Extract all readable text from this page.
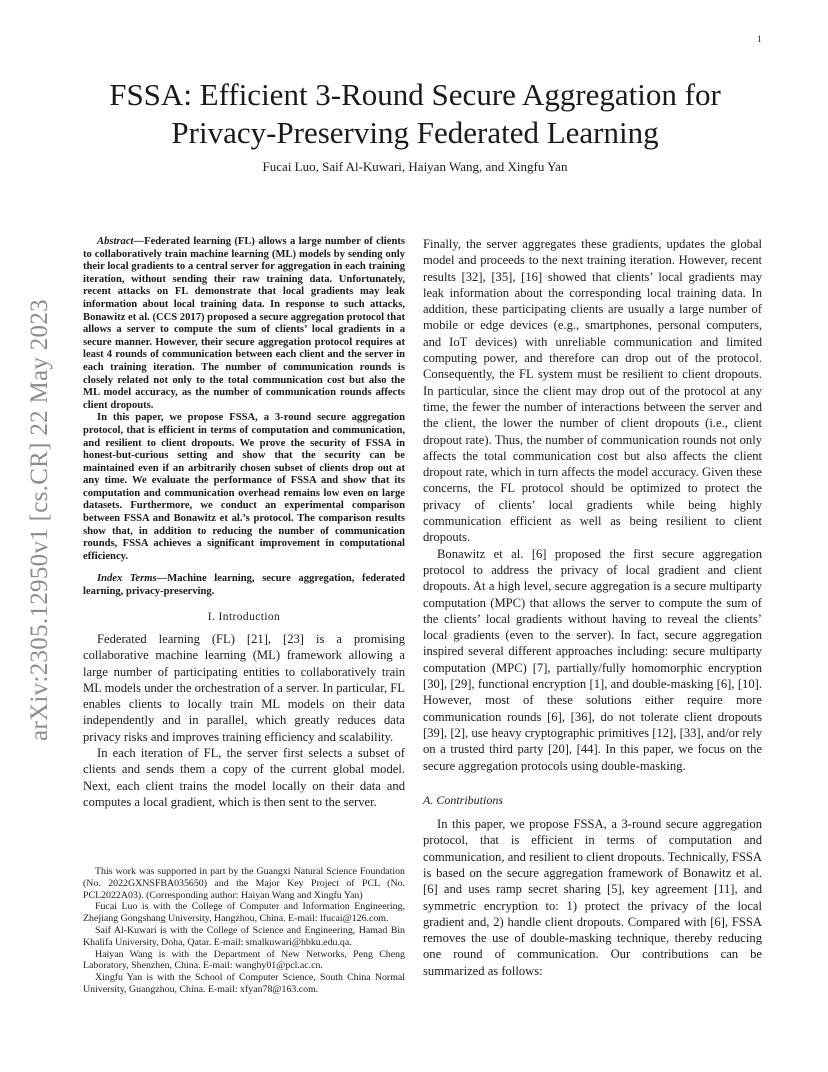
1
arXiv:2305.12950v1 [cs.CR] 22 May 2023
FSSA: Efficient 3-Round Secure Aggregation for
Privacy-Preserving Federated Learning
Fucai Luo, Saif Al-Kuwari, Haiyan Wang, and Xingfu Yan

Abstract—Federated learning (FL) allows a large number of clients to collaboratively train machine learning (ML) models by sending only their local gradients to a central server for aggregation in each training iteration, without sending their raw training data. Unfortunately, recent attacks on FL demonstrate that local gradients may leak information about local training data. In response to such attacks, Bonawitz et al. (CCS 2017) proposed a secure aggregation protocol that allows a server to compute the sum of clients’ local gradients in a secure manner. However, their secure aggregation protocol requires at least 4 rounds of communication between each client and the server in each training iteration. The number of communication rounds is closely related not only to the total communication cost but also the ML model accuracy, as the number of communication rounds affects client dropouts.

In this paper, we propose FSSA, a 3-round secure aggregation protocol, that is efficient in terms of computation and communication, and resilient to client dropouts. We prove the security of FSSA in honest-but-curious setting and show that the security can be maintained even if an arbitrarily chosen subset of clients drop out at any time. We evaluate the performance of FSSA and show that its computation and communication overhead remains low even on large datasets. Furthermore, we conduct an experimental comparison between FSSA and Bonawitz et al.’s protocol. The comparison results show that, in addition to reducing the number of communication rounds, FSSA achieves a significant improvement in computational efficiency.

Index Terms—Machine learning, secure aggregation, federated learning, privacy-preserving.

I. Introduction

Federated learning (FL) [21], [23] is a promising collaborative machine learning (ML) framework allowing a large number of participating entities to collaboratively train ML models under the orchestration of a server. In particular, FL enables clients to locally train ML models on their data independently and in parallel, which greatly reduces data privacy risks and improves training efficiency and scalability.

In each iteration of FL, the server first selects a subset of clients and sends them a copy of the current global model. Next, each client trains the model locally on their data and computes a local gradient, which is then sent to the server.

This work was supported in part by the Guangxi Natural Science Foundation (No. 2022GXNSFBA035650) and the Major Key Project of PCL (No. PCL2022A03). (Corresponding author: Haiyan Wang and Xingfu Yan)

Fucai Luo is with the College of Computer and Information Engineering, Zhejiang Gongshang University, Hangzhou, China. E-mail: lfucai@126.com.

Saif Al-Kuwari is with the College of Science and Engineering, Hamad Bin Khalifa University, Doha, Qatar. E-mail: smalkuwari@hbku.edu.qa.

Haiyan Wang is with the Department of New Networks, Peng Cheng Laboratory, Shenzhen, China. E-mail: wanghy01@pcl.ac.cn.

Xingfu Yan is with the School of Computer Science, South China Normal University, Guangzhou, China. E-mail: xfyan78@163.com.

Finally, the server aggregates these gradients, updates the global model and proceeds to the next training iteration. However, recent results [32], [35], [16] showed that clients’ local gradients may leak information about the corresponding local training data. In addition, these participating clients are usually a large number of mobile or edge devices (e.g., smartphones, personal computers, and IoT devices) with unreliable communication and limited computing power, and therefore can drop out of the protocol. Consequently, the FL system must be resilient to client dropouts. In particular, since the client may drop out of the protocol at any time, the fewer the number of interactions between the server and the client, the lower the number of client dropouts (i.e., client dropout rate). Thus, the number of communication rounds not only affects the total communication cost but also affects the client dropout rate, which in turn affects the model accuracy. Given these concerns, the FL protocol should be optimized to protect the privacy of clients’ local gradients while being highly communication efficient as well as being resilient to client dropouts.

Bonawitz et al. [6] proposed the first secure aggregation protocol to address the privacy of local gradient and client dropouts. At a high level, secure aggregation is a secure multiparty computation (MPC) that allows the server to compute the sum of the clients’ local gradients without having to reveal the clients’ local gradients (even to the server). In fact, secure aggregation inspired several different approaches including: secure multiparty computation (MPC) [7], partially/fully homomorphic encryption [30], [29], functional encryption [1], and double-masking [6], [10]. However, most of these solutions either require more communication rounds [6], [36], do not tolerate client dropouts [39], [2], use heavy cryptographic primitives [12], [33], and/or rely on a trusted third party [20], [44]. In this paper, we focus on the secure aggregation protocols using double-masking.

A. Contributions

In this paper, we propose FSSA, a 3-round secure aggregation protocol, that is efficient in terms of computation and communication, and resilient to client dropouts. Technically, FSSA is based on the secure aggregation framework of Bonawitz et al. [6] and uses ramp secret sharing [5], key agreement [11], and symmetric encryption to: 1) protect the privacy of the local gradient and, 2) handle client dropouts. Compared with [6], FSSA removes the use of double-masking technique, thereby reducing one round of communication. Our contributions can be summarized as follows:
